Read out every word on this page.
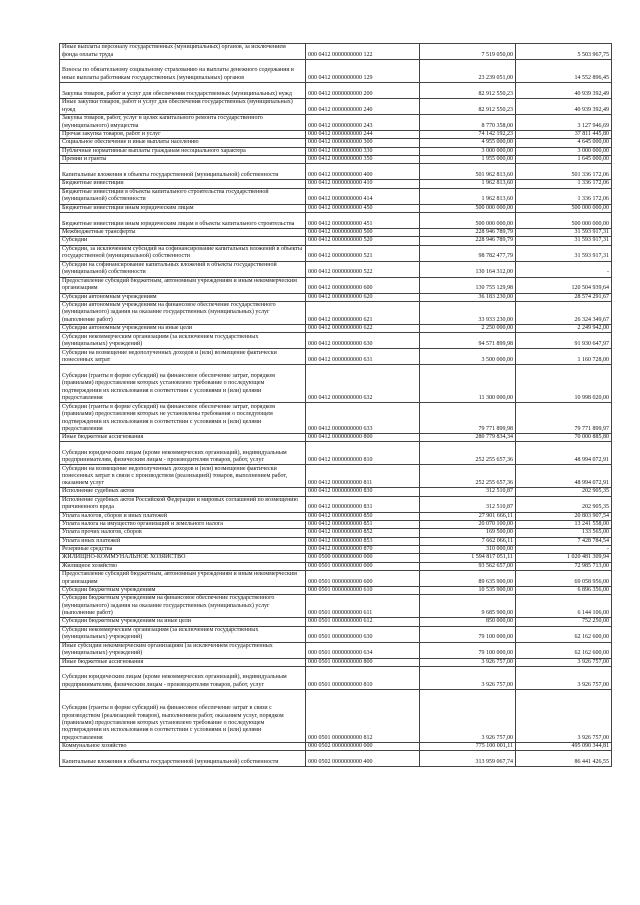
Иные выплаты персоналу государственных (муниципальных) органов, за исключением фонда оплаты труда	000 0412 0000000000 122	7 519 050,00	5 503 967,75
Взносы по обязательному социальному страхованию на выплаты денежного содержания и иные выплаты работникам государственных (муниципальных) органов	000 0412 0000000000 129	23 239 051,00	14 552 896,45
Закупка товаров, работ и услуг для обеспечения государственных (муниципальных) нужд	000 0412 0000000000 200	82 912 550,23	40 939 392,49
Иные закупки товаров, работ и услуг для обеспечения государственных (муниципальных) нужд	000 0412 0000000000 240	82 912 550,23	40 939 392,49
Закупка товаров, работ, услуг в целях капитального ремонта государственного (муниципального) имущества	000 0412 0000000000 243	8 770 358,00	3 127 946,69
Прочая закупка товаров, работ и услуг	000 0412 0000000000 244	74 142 192,23	37 811 445,80
Социальное обеспечение и иные выплаты населению	000 0412 0000000000 300	4 955 000,00	4 645 000,00
Публичные нормативные выплаты гражданам несоциального характера	000 0412 0000000000 330	3 000 000,00	3 000 000,00
Премии и гранты	000 0412 0000000000 350	1 955 000,00	1 645 000,00
Капитальные вложения в объекты государственной (муниципальной) собственности	000 0412 0000000000 400	501 962 813,60	501 336 172,06
Бюджетные инвестиции	000 0412 0000000000 410	1 962 813,60	1 336 172,06
Бюджетные инвестиции в объекты капитального строительства государственной (муниципальной) собственности	000 0412 0000000000 414	1 962 813,60	1 336 172,06
Бюджетные инвестиции иным юридическим лицам	000 0412 0000000000 450	500 000 000,00	500 000 000,00
Бюджетные инвестиции иным юридическим лицам в объекты капитального строительства	000 0412 0000000000 451	500 000 000,00	500 000 000,00
Межбюджетные трансферты	000 0412 0000000000 500	228 946 789,79	31 593 917,31
Субсидии	000 0412 0000000000 520	228 946 789,79	31 593 917,31
Субсидии, за исключением субсидий на софинансирование капитальных вложений в объекты государственной (муниципальной) собственности	000 0412 0000000000 521	98 782 477,79	31 593 917,31
Субсидии на софинансирование капитальных вложений в объекты государственной (муниципальной) собственности	000 0412 0000000000 522	130 164 312,00	-
Предоставление субсидий бюджетным, автономным учреждениям и иным некоммерческим организациям	000 0412 0000000000 600	130 755 129,98	120 504 939,64
Субсидии автономным учреждениям	000 0412 0000000000 620	36 183 230,00	28 574 291,67
Субсидии автономным учреждениям на финансовое обеспечение государственного (муниципального) задания на оказание государственных (муниципальных) услуг (выполнение работ)	000 0412 0000000000 621	33 933 230,00	26 324 349,67
Субсидии автономным учреждениям на иные цели	000 0412 0000000000 622	2 250 000,00	2 249 942,00
Субсидии некоммерческим организациям (за исключением государственных (муниципальных) учреждений)	000 0412 0000000000 630	94 571 899,98	91 930 647,97
Субсидии на возмещение недополученных доходов и (или) возмещение фактически понесенных затрат	000 0412 0000000000 631	3 500 000,00	1 160 728,00
Субсидии (гранты в форме субсидий) на финансовое обеспечение затрат, порядком (правилами) предоставления которых установлено требование о последующем подтверждении их использования в соответствии с условиями и (или) целями предоставления	000 0412 0000000000 632	11 300 000,00	10 998 020,00
Субсидии (гранты в форме субсидий) на финансовое обеспечение затрат, порядком (правилами) предоставления которых не установлены требования о последующем подтверждении их использования в соответствии с условиями и (или) целями предоставления	000 0412 0000000000 633	79 771 899,98	79 771 899,97
Иные бюджетные ассигнования	000 0412 0000000000 800	280 779 834,34	70 000 885,80
Субсидии юридическим лицам (кроме некоммерческих организаций), индивидуальным предпринимателям, физическим лицам - производителям товаров, работ, услуг	000 0412 0000000000 810	252 255 657,36	48 994 072,91
Субсидии на возмещение недополученных доходов и (или) возмещение фактически понесенных затрат в связи с производством (реализацией) товаров, выполнением работ, оказанием услуг	000 0412 0000000000 811	252 255 657,36	48 994 072,91
Исполнение судебных актов	000 0412 0000000000 830	312 510,87	202 905,35
Исполнение судебных актов Российской Федерации и мировых соглашений по возмещению причиненного вреда	000 0412 0000000000 831	312 510,87	202 905,35
Уплата налогов, сборов и иных платежей	000 0412 0000000000 850	27 901 666,11	20 803 907,54
Уплата налога на имущество организаций и земельного налога	000 0412 0000000000 851	20 070 100,00	13 241 558,00
Уплата прочих налогов, сборов	000 0412 0000000000 852	169 500,00	133 565,00
Уплата иных платежей	000 0412 0000000000 853	7 662 066,11	7 428 784,54
Резервные средства	000 0412 0000000000 870	310 000,00	-
ЖИЛИЩНО-КОММУНАЛЬНОЕ ХОЗЯЙСТВО	000 0500 0000000000 000	1 594 817 051,11	1 020 481 309,94
Жилищное хозяйство	000 0501 0000000000 000	93 562 657,00	72 985 713,00
Предоставление субсидий бюджетным, автономным учреждениям и иным некоммерческим организациям	000 0501 0000000000 600	89 635 900,00	69 058 956,00
Субсидии бюджетным учреждениям	000 0501 0000000000 610	10 535 900,00	6 896 356,00
Субсидии бюджетным учреждениям на финансовое обеспечение государственного (муниципального) задания на оказание государственных (муниципальных) услуг (выполнение работ)	000 0501 0000000000 611	9 685 900,00	6 144 106,00
Субсидии бюджетным учреждениям на иные цели	000 0501 0000000000 612	850 000,00	752 250,00
Субсидии некоммерческим организациям (за исключением государственных (муниципальных) учреждений)	000 0501 0000000000 630	79 100 000,00	62 162 600,00
Иные субсидии некоммерческим организациям (за исключением государственных (муниципальных) учреждений)	000 0501 0000000000 634	79 100 000,00	62 162 600,00
Иные бюджетные ассигнования	000 0501 0000000000 800	3 926 757,00	3 926 757,00
Субсидии юридическим лицам (кроме некоммерческих организаций), индивидуальным предпринимателям, физическим лицам - производителям товаров, работ, услуг	000 0501 0000000000 810	3 926 757,00	3 926 757,00
Субсидии (гранты в форме субсидий) на финансовое обеспечение затрат в связи с производством (реализацией товаров), выполнением работ, оказанием услуг, порядком (правилами) предоставления которых установлено требование о последующем подтверждении их использования в соответствии с условиями и (или) целями предоставления	000 0501 0000000000 812	3 926 757,00	3 926 757,00
Коммунальное хозяйство	000 0502 0000000000 000	775 100 001,11	495 090 344,81
Капитальные вложения в объекты государственной (муниципальной) собственности	000 0502 0000000000 400	313 959 067,74	86 441 426,55
